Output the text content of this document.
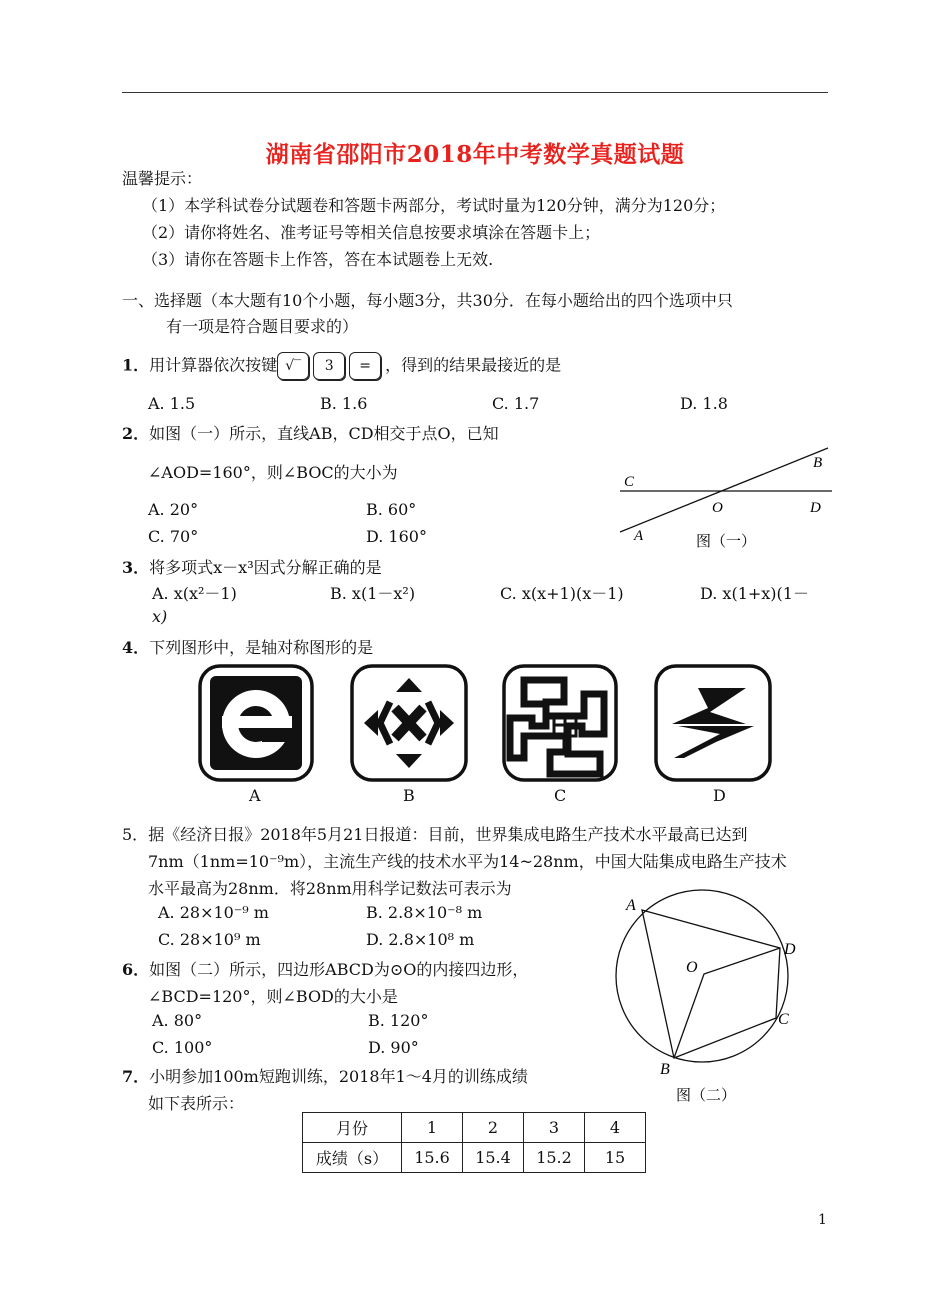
湖南省邵阳市2018年中考数学真题试题
温馨提示：
（1）本学科试卷分试题卷和答题卡两部分，考试时量为120分钟，满分为120分；
（2）请你将姓名、准考证号等相关信息按要求填涂在答题卡上；
（3）请你在答题卡上作答，答在本试题卷上无效.
一、选择题（本大题有10个小题，每小题3分，共30分．在每小题给出的四个选项中只
有一项是符合题目要求的）
1．用计算器依次按键 √‾ 3 = ，得到的结果最接近的是
A. 1.5	B. 1.6	C. 1.7	D. 1.8
2．如图（一）所示，直线AB，CD相交于点O，已知
∠AOD=160°，则∠BOC的大小为
A. 20°	B. 60°
C. 70°	D. 160°
B
C
O	D
A	图（一）
3．将多项式x－x³因式分解正确的是
A. x(x²－1)	B. x(1－x²)	C. x(x+1)(x－1)	D. x(1+x)(1－
x)
4．下列图形中，是轴对称图形的是
A	B	C	D
5．据《经济日报》2018年5月21日报道：目前，世界集成电路生产技术水平最高已达到
7nm（1nm=10⁻⁹m），主流生产线的技术水平为14~28nm，中国大陆集成电路生产技术
水平最高为28nm．将28nm用科学记数法可表示为
A. 28×10⁻⁹ m	B. 2.8×10⁻⁸ m
C. 28×10⁹ m	D. 2.8×10⁸ m
6．如图（二）所示，四边形ABCD为⊙O的内接四边形，
∠BCD=120°，则∠BOD的大小是
A. 80°	B. 120°
C. 100°	D. 90°
A
D
O
C
B
图（二）
7．小明参加100m短跑训练，2018年1～4月的训练成绩
如下表所示：
月份	1	2	3	4
成绩（s）	15.6	15.4	15.2	15
1
